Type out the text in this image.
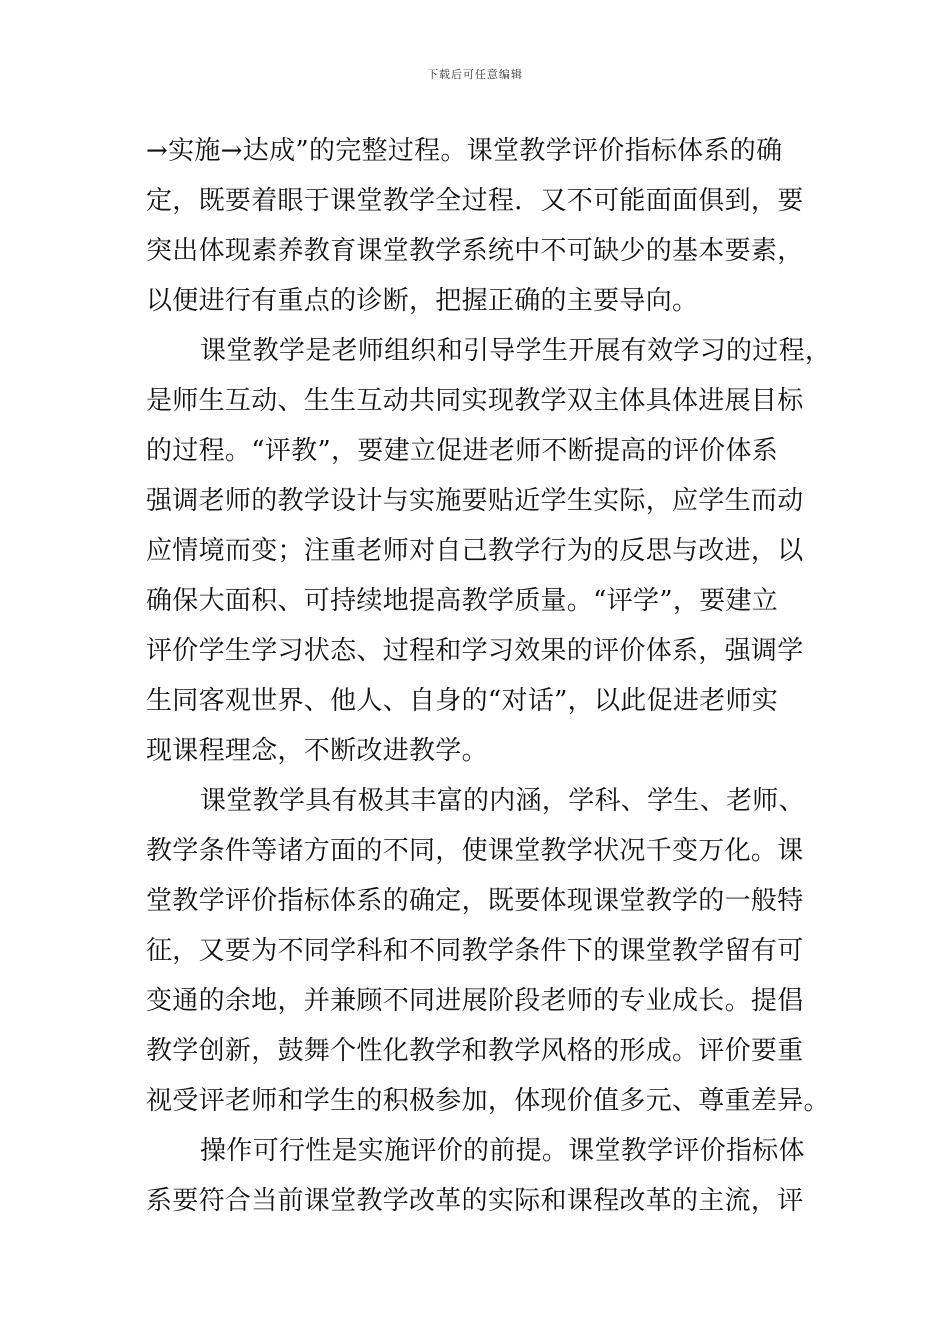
下载后可任意编辑
→实施→达成”的完整过程。课堂教学评价指标体系的确
定，既要着眼于课堂教学全过程．又不可能面面俱到，要
突出体现素养教育课堂教学系统中不可缺少的基本要素，
以便进行有重点的诊断，把握正确的主要导向。
课堂教学是老师组织和引导学生开展有效学习的过程，
是师生互动、生生互动共同实现教学双主体具体进展目标
的过程。“评教”，要建立促进老师不断提高的评价体系
强调老师的教学设计与实施要贴近学生实际，应学生而动
应情境而变；注重老师对自己教学行为的反思与改进，以
确保大面积、可持续地提高教学质量。“评学”，要建立
评价学生学习状态、过程和学习效果的评价体系，强调学
生同客观世界、他人、自身的“对话”，以此促进老师实
现课程理念，不断改进教学。
课堂教学具有极其丰富的内涵，学科、学生、老师、
教学条件等诸方面的不同，使课堂教学状况千变万化。课
堂教学评价指标体系的确定，既要体现课堂教学的一般特
征，又要为不同学科和不同教学条件下的课堂教学留有可
变通的余地，并兼顾不同进展阶段老师的专业成长。提倡
教学创新，鼓舞个性化教学和教学风格的形成。评价要重
视受评老师和学生的积极参加，体现价值多元、尊重差异。
操作可行性是实施评价的前提。课堂教学评价指标体
系要符合当前课堂教学改革的实际和课程改革的主流，评
